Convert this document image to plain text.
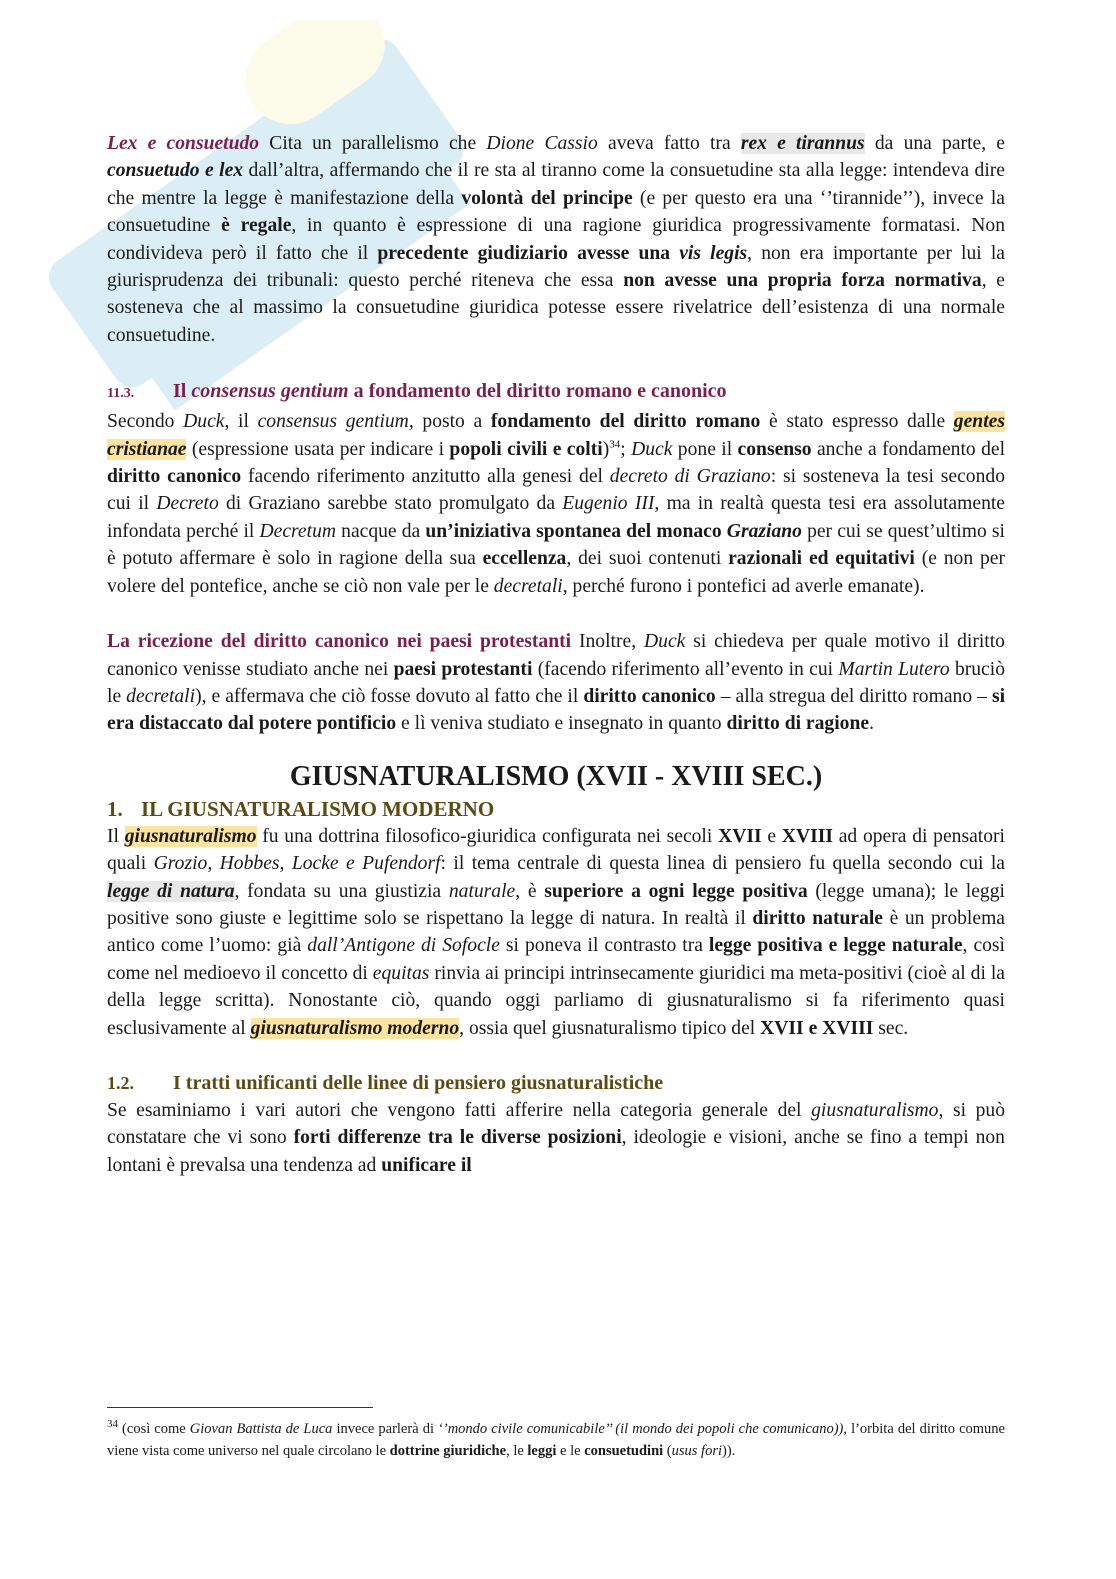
Lex e consuetudo Cita un parallelismo che Dione Cassio aveva fatto tra rex e tirannus da una parte, e consuetudo e lex dall’altra, affermando che il re sta al tiranno come la consuetudine sta alla legge: intendeva dire che mentre la legge è manifestazione della volontà del principe (e per questo era una ‘’tirannide’’), invece la consuetudine è regale, in quanto è espressione di una ragione giuridica progressivamente formatasi. Non condivideva però il fatto che il precedente giudiziario avesse una vis legis, non era importante per lui la giurisprudenza dei tribunali: questo perché riteneva che essa non avesse una propria forza normativa, e sosteneva che al massimo la consuetudine giuridica potesse essere rivelatrice dell’esistenza di una normale consuetudine.

11.3.	Il consensus gentium a fondamento del diritto romano e canonico

Secondo Duck, il consensus gentium, posto a fondamento del diritto romano è stato espresso dalle gentes cristianae (espressione usata per indicare i popoli civili e colti)$^{34}$; Duck pone il consenso anche a fondamento del diritto canonico facendo riferimento anzitutto alla genesi del decreto di Graziano: si sosteneva la tesi secondo cui il Decreto di Graziano sarebbe stato promulgato da Eugenio III, ma in realtà questa tesi era assolutamente infondata perché il Decretum nacque da un’iniziativa spontanea del monaco Graziano per cui se quest’ultimo si è potuto affermare è solo in ragione della sua eccellenza, dei suoi contenuti razionali ed equitativi (e non per volere del pontefice, anche se ciò non vale per le decretali, perché furono i pontefici ad averle emanate).

La ricezione del diritto canonico nei paesi protestanti Inoltre, Duck si chiedeva per quale motivo il diritto canonico venisse studiato anche nei paesi protestanti (facendo riferimento all’evento in cui Martin Lutero bruciò le decretali), e affermava che ciò fosse dovuto al fatto che il diritto canonico – alla stregua del diritto romano – si era distaccato dal potere pontificio e lì veniva studiato e insegnato in quanto diritto di ragione.

GIUSNATURALISMO (XVII - XVIII SEC.)
1. IL GIUSNATURALISMO MODERNO

Il giusnaturalismo fu una dottrina filosofico-giuridica configurata nei secoli XVII e XVIII ad opera di pensatori quali Grozio, Hobbes, Locke e Pufendorf: il tema centrale di questa linea di pensiero fu quella secondo cui la legge di natura, fondata su una giustizia naturale, è superiore a ogni legge positiva (legge umana); le leggi positive sono giuste e legittime solo se rispettano la legge di natura. In realtà il diritto naturale è un problema antico come l’uomo: già dall’Antigone di Sofocle si poneva il contrasto tra legge positiva e legge naturale, così come nel medioevo il concetto di equitas rinvia ai principi intrinsecamente giuridici ma meta-positivi (cioè al di la della legge scritta). Nonostante ciò, quando oggi parliamo di giusnaturalismo si fa riferimento quasi esclusivamente al giusnaturalismo moderno, ossia quel giusnaturalismo tipico del XVII e XVIII sec.

1.2. I tratti unificanti delle linee di pensiero giusnaturalistiche

Se esaminiamo i vari autori che vengono fatti afferire nella categoria generale del giusnaturalismo, si può constatare che vi sono forti differenze tra le diverse posizioni, ideologie e visioni, anche se fino a tempi non lontani è prevalsa una tendenza ad unificare il

$^{34}$ (così come Giovan Battista de Luca invece parlerà di ‘’mondo civile comunicabile’’ (il mondo dei popoli che comunicano)), l’orbita del diritto comune viene vista come universo nel quale circolano le dottrine giuridiche, le leggi e le consuetudini (usus fori)).
